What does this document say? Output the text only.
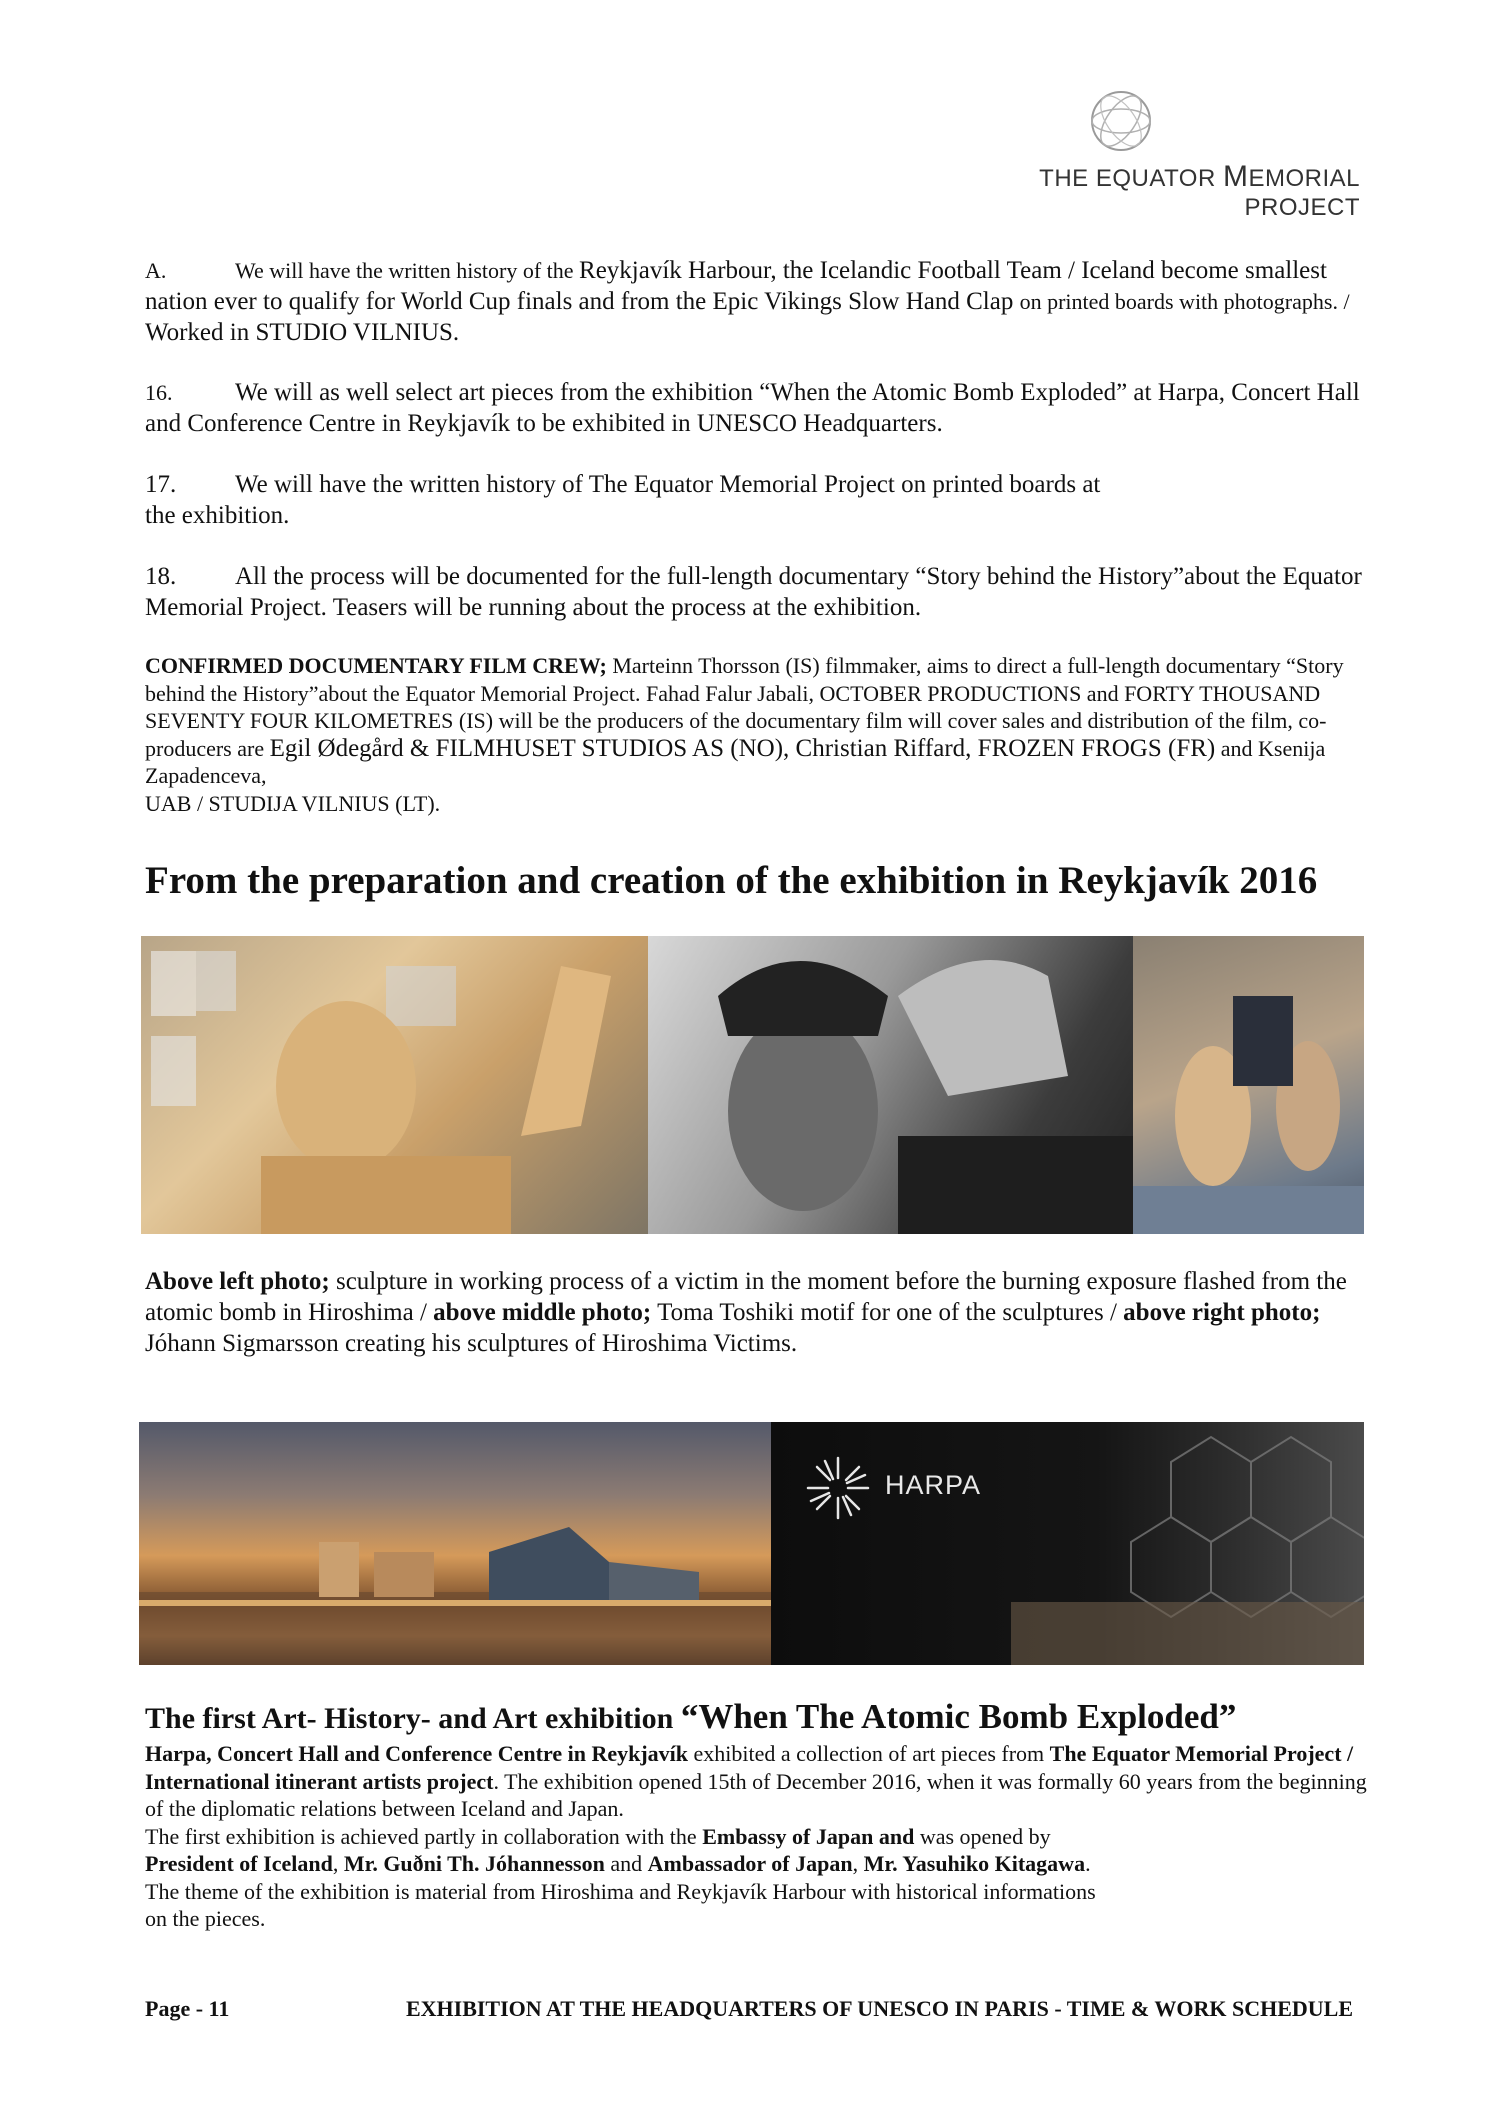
THE EQUATOR MEMORIAL PROJECT

A.	We will have the written history of the Reykjavík Harbour, the Icelandic Football Team / Iceland become smallest nation ever to qualify for World Cup finals and from the Epic Vikings Slow Hand Clap on printed boards with photographs. / Worked in STUDIO VILNIUS.

16.	We will as well select art pieces from the exhibition “When the Atomic Bomb Exploded” at Harpa, Concert Hall and Conference Centre in Reykjavík to be exhibited in UNESCO Headquarters.

17. We will have the written history of The Equator Memorial Project on printed boards at
the exhibition.

18. All the process will be documented for the full-length documentary “Story behind the History”about the Equator Memorial Project. Teasers will be running about the process at the exhibition.

CONFIRMED DOCUMENTARY FILM CREW; Marteinn Thorsson (IS) filmmaker, aims to direct a full-length documentary “Story behind the History”about the Equator Memorial Project. Fahad Falur Jabali, OCTOBER PRODUCTIONS and FORTY THOUSAND SEVENTY FOUR KILOMETRES (IS) will be the producers of the documentary film will cover sales and distribution of the film, co-producers are Egil Ødegård & FILMHUSET STUDIOS AS (NO), Christian Riffard, FROZEN FROGS (FR) and Ksenija Zapadenceva,
UAB / STUDIJA VILNIUS (LT).

From the preparation and creation of the exhibition in Reykjavík 2016

Above left photo; sculpture in working process of a victim in the moment before the burning exposure flashed from the atomic bomb in Hiroshima / above middle photo; Toma Toshiki motif for one of the sculptures / above right photo; Jóhann Sigmarsson creating his sculptures of Hiroshima Victims.

HARPA

The first Art- History- and Art exhibition “When The Atomic Bomb Exploded”

Harpa, Concert Hall and Conference Centre in Reykjavík exhibited a collection of art pieces from The Equator Memorial Project / International itinerant artists project. The exhibition opened 15th of December 2016, when it was formally 60 years from the beginning of the diplomatic relations between Iceland and Japan.
The first exhibition is achieved partly in collaboration with the Embassy of Japan and was opened by
President of Iceland, Mr. Guðni Th. Jóhannesson and Ambassador of Japan, Mr. Yasuhiko Kitagawa.
The theme of the exhibition is material from Hiroshima and Reykjavík Harbour with historical informations
on the pieces.

Page - 11	EXHIBITION AT THE HEADQUARTERS OF UNESCO IN PARIS - TIME & WORK SCHEDULE
